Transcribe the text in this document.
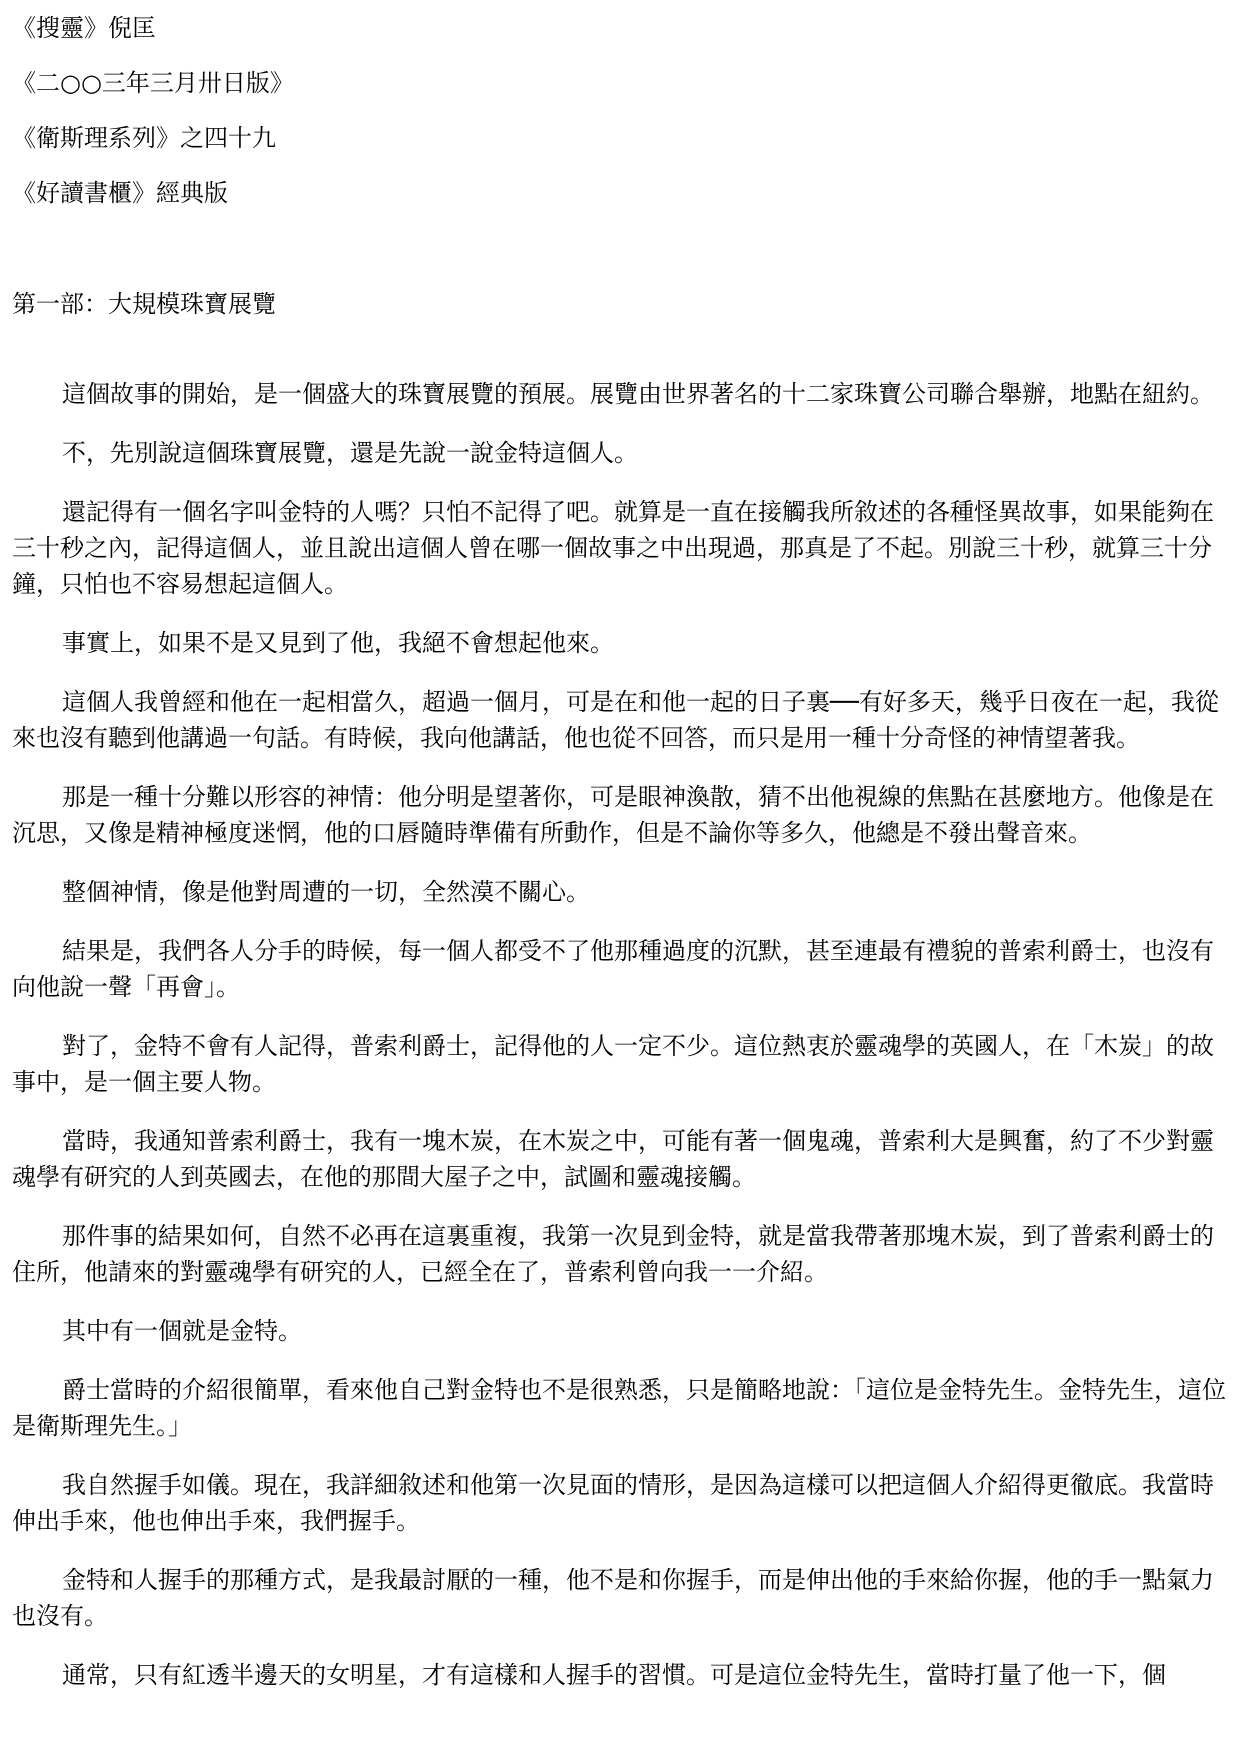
《搜靈》倪匡
《二○○三年三月卅日版》
《衛斯理系列》之四十九
《好讀書櫃》經典版
第一部：大規模珠寶展覽

這個故事的開始，是一個盛大的珠寶展覽的預展。展覽由世界著名的十二家珠寶公司聯合舉辦，地點在紐約。

不，先別說這個珠寶展覽，還是先說一說金特這個人。

還記得有一個名字叫金特的人嗎？只怕不記得了吧。就算是一直在接觸我所敘述的各種怪異故事，如果能夠在三十秒之內，記得這個人，並且說出這個人曾在哪一個故事之中出現過，那真是了不起。別說三十秒，就算三十分鐘，只怕也不容易想起這個人。

事實上，如果不是又見到了他，我絕不會想起他來。

這個人我曾經和他在一起相當久，超過一個月，可是在和他一起的日子裏──有好多天，幾乎日夜在一起，我從來也沒有聽到他講過一句話。有時候，我向他講話，他也從不回答，而只是用一種十分奇怪的神情望著我。

那是一種十分難以形容的神情：他分明是望著你，可是眼神渙散，猜不出他視線的焦點在甚麼地方。他像是在沉思，又像是精神極度迷惘，他的口唇隨時準備有所動作，但是不論你等多久，他總是不發出聲音來。

整個神情，像是他對周遭的一切，全然漠不關心。

結果是，我們各人分手的時候，每一個人都受不了他那種過度的沉默，甚至連最有禮貌的普索利爵士，也沒有向他說一聲「再會」。

對了，金特不會有人記得，普索利爵士，記得他的人一定不少。這位熱衷於靈魂學的英國人，在「木炭」的故事中，是一個主要人物。

當時，我通知普索利爵士，我有一塊木炭，在木炭之中，可能有著一個鬼魂，普索利大是興奮，約了不少對靈魂學有研究的人到英國去，在他的那間大屋子之中，試圖和靈魂接觸。

那件事的結果如何，自然不必再在這裏重複，我第一次見到金特，就是當我帶著那塊木炭，到了普索利爵士的住所，他請來的對靈魂學有研究的人，已經全在了，普索利曾向我一一介紹。

其中有一個就是金特。

爵士當時的介紹很簡單，看來他自己對金特也不是很熟悉，只是簡略地說：「這位是金特先生。金特先生，這位是衛斯理先生。」

我自然握手如儀。現在，我詳細敘述和他第一次見面的情形，是因為這樣可以把這個人介紹得更徹底。我當時伸出手來，他也伸出手來，我們握手。

金特和人握手的那種方式，是我最討厭的一種，他不是和你握手，而是伸出他的手來給你握，他的手一點氣力也沒有。

通常，只有紅透半邊天的女明星，才有這樣和人握手的習慣。可是這位金特先生，當時打量了他一下，個
